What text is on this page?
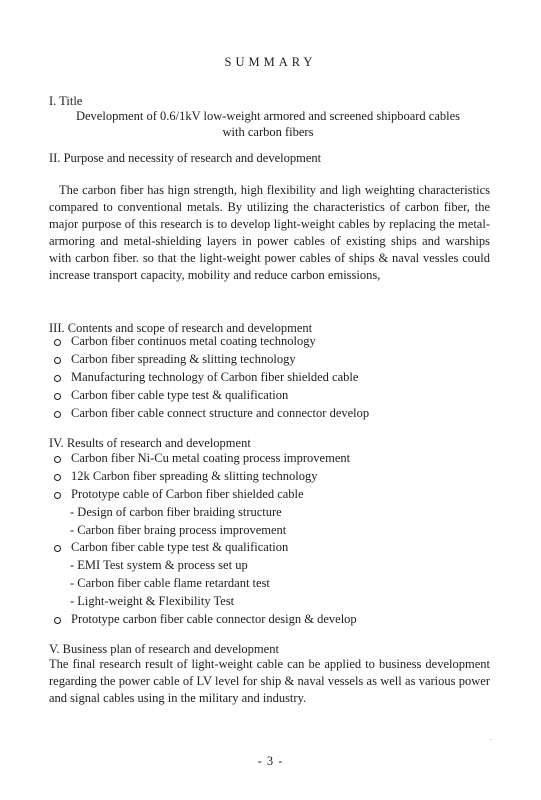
SUMMARY
I. Title
Development of 0.6/1kV low-weight armored and screened shipboard cables
with carbon fibers
II. Purpose and necessity of research and development
The carbon fiber has hign strength, high flexibility and ligh weighting characteristics compared to conventional metals. By utilizing the characteristics of carbon fiber, the major purpose of this research is to develop light-weight cables by replacing the metal-armoring and metal-shielding layers in power cables of existing ships and warships with carbon fiber. so that the light-weight power cables of ships & naval vessles could increase transport capacity, mobility and reduce carbon emissions,
III. Contents and scope of research and development
Carbon fiber continuos metal coating technology
Carbon fiber spreading & slitting technology
Manufacturing technology of Carbon fiber shielded cable
Carbon fiber cable type test & qualification
Carbon fiber cable connect structure and connector develop
IV. Results of research and development
Carbon fiber Ni-Cu metal coating process improvement
12k Carbon fiber spreading & slitting technology
Prototype cable of Carbon fiber shielded cable
- Design of carbon fiber braiding structure
- Carbon fiber braing process improvement
Carbon fiber cable type test & qualification
- EMI Test system & process set up
- Carbon fiber cable flame retardant test
- Light-weight & Flexibility Test
Prototype carbon fiber cable connector design & develop
V. Business plan of research and development
The final research result of light-weight cable can be applied to business development regarding the power cable of LV level for ship & naval vessels as well as various power and signal cables using in the military and industry.
- 3 -
